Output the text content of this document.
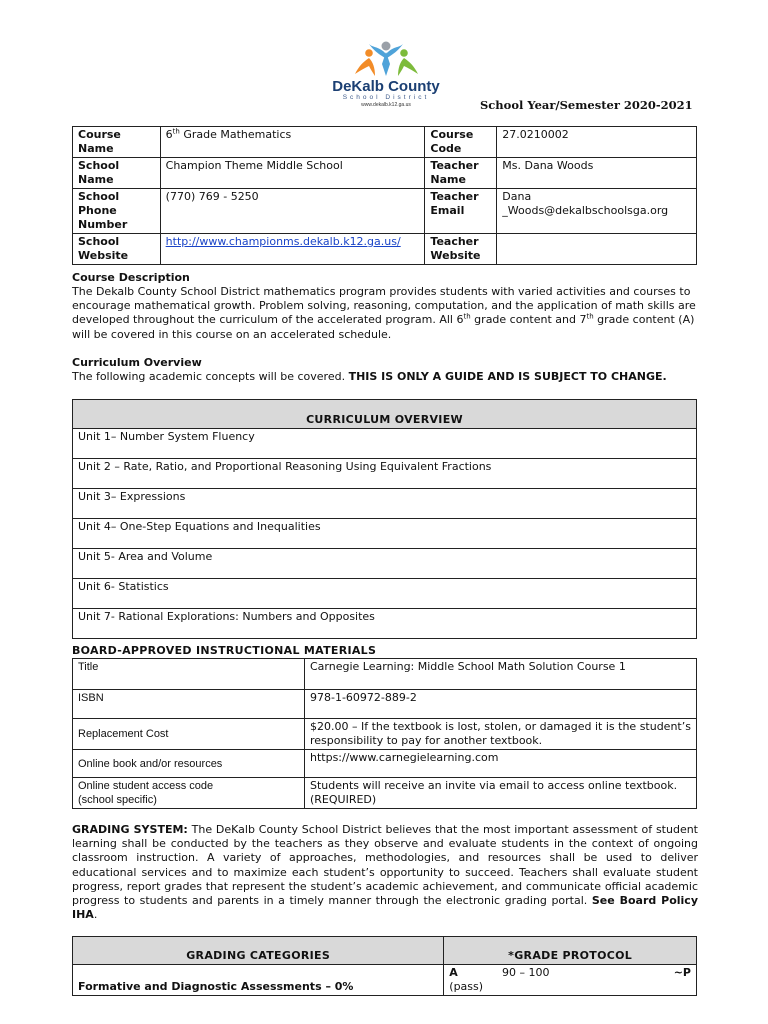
DeKalb County
School District
www.dekalb.k12.ga.us	School Year/Semester 2020-2021
Course Name	6th Grade Mathematics	Course Code	27.0210002
School Name	Champion Theme Middle School	Teacher Name	Ms. Dana Woods
School Phone Number	(770) 769 - 5250	Teacher Email	Dana
_Woods@dekalbschoolsga.org

School Website	http://www.championms.dekalb.k12.ga.us/	Teacher Website	
Course Description
The Dekalb County School District mathematics program provides students with varied activities and courses to encourage mathematical growth. Problem solving, reasoning, computation, and the application of math skills are developed throughout the curriculum of the accelerated program. All 6th grade content and 7th grade content (A) will be covered in this course on an accelerated schedule.
Curriculum Overview
The following academic concepts will be covered. THIS IS ONLY A GUIDE AND IS SUBJECT TO CHANGE.
CURRICULUM OVERVIEW
Unit 1– Number System Fluency
Unit 2 – Rate, Ratio, and Proportional Reasoning Using Equivalent Fractions
Unit 3– Expressions
Unit 4– One-Step Equations and Inequalities
Unit 5- Area and Volume
Unit 6- Statistics
Unit 7- Rational Explorations: Numbers and Opposites
BOARD-APPROVED INSTRUCTIONAL MATERIALS
Title	Carnegie Learning: Middle School Math Solution Course 1
ISBN	978-1-60972-889-2
Replacement Cost	$20.00 – If the textbook is lost, stolen, or damaged it is the student’s responsibility to pay for another textbook.
Online book and/or resources	https://www.carnegielearning.com

Online student access code
(school specific)	Students will receive an invite via email to access online textbook. (REQUIRED)
GRADING SYSTEM: The DeKalb County School District believes that the most important assessment of student learning shall be conducted by the teachers as they observe and evaluate students in the context of ongoing classroom instruction. A variety of approaches, methodologies, and resources shall be used to deliver educational services and to maximize each student’s opportunity to succeed. Teachers shall evaluate student progress, report grades that represent the student’s academic achievement, and communicate official academic progress to students and parents in a timely manner through the electronic grading portal. See Board Policy IHA.
GRADING CATEGORIES	*GRADE PROTOCOL
Formative and Diagnostic Assessments – 0%	A 90 – 100 ~P
(pass)
